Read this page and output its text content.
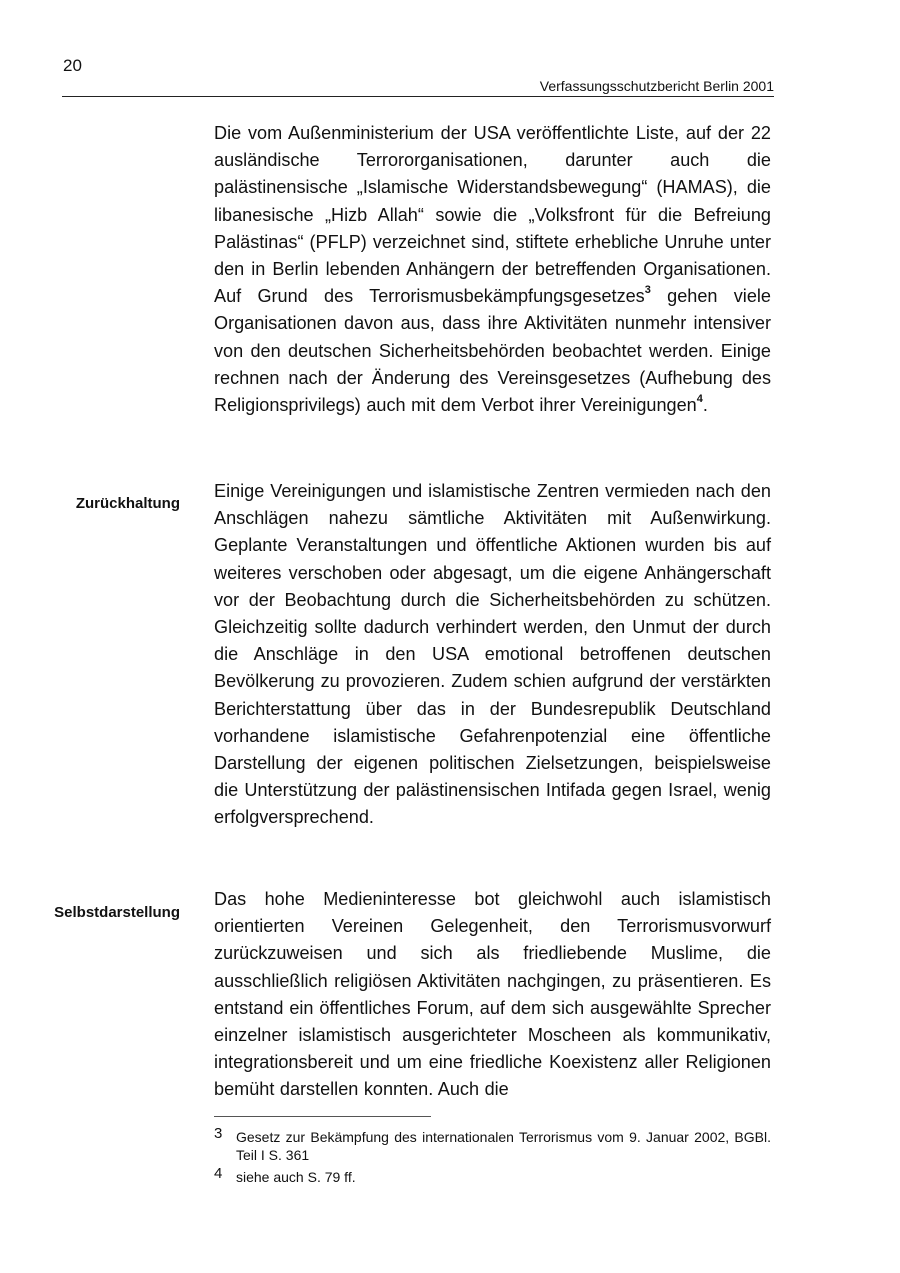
20
Verfassungsschutzbericht Berlin 2001

Die vom Außenministerium der USA veröffentlichte Liste, auf der 22 ausländische Terrororganisationen, darunter auch die palästinensische „Islamische Widerstandsbewegung“ (HAMAS), die libanesische „Hizb Allah“ sowie die „Volksfront für die Befreiung Palästinas“ (PFLP) verzeichnet sind, stiftete erhebliche Unruhe unter den in Berlin lebenden Anhängern der betreffenden Organisationen. Auf Grund des Terrorismusbekämpfungsgesetzes$^3$ gehen viele Organisationen davon aus, dass ihre Aktivitäten nunmehr intensiver von den deutschen Sicherheitsbehörden beobachtet werden. Einige rechnen nach der Änderung des Vereinsgesetzes (Aufhebung des Religionsprivilegs) auch mit dem Verbot ihrer Vereinigungen$^4$.

Zurückhaltung

Einige Vereinigungen und islamistische Zentren vermieden nach den Anschlägen nahezu sämtliche Aktivitäten mit Außenwirkung. Geplante Veranstaltungen und öffentliche Aktionen wurden bis auf weiteres verschoben oder abgesagt, um die eigene Anhängerschaft vor der Beobachtung durch die Sicherheitsbehörden zu schützen. Gleichzeitig sollte dadurch verhindert werden, den Unmut der durch die Anschläge in den USA emotional betroffenen deutschen Bevölkerung zu provozieren. Zudem schien aufgrund der verstärkten Berichterstattung über das in der Bundesrepublik Deutschland vorhandene islamistische Gefahrenpotenzial eine öffentliche Darstellung der eigenen politischen Zielsetzungen, beispielsweise die Unterstützung der palästinensischen Intifada gegen Israel, wenig erfolgversprechend.

Selbstdarstellung

Das hohe Medieninteresse bot gleichwohl auch islamistisch orientierten Vereinen Gelegenheit, den Terrorismusvorwurf zurückzuweisen und sich als friedliebende Muslime, die ausschließlich religiösen Aktivitäten nachgingen, zu präsentieren. Es entstand ein öffentliches Forum, auf dem sich ausgewählte Sprecher einzelner islamistisch ausgerichteter Moscheen als kommunikativ, integrationsbereit und um eine friedliche Koexistenz aller Religionen bemüht darstellen konnten. Auch die

3 Gesetz zur Bekämpfung des internationalen Terrorismus vom 9. Januar 2002, BGBl. Teil I S. 361
4 siehe auch S. 79 ff.
